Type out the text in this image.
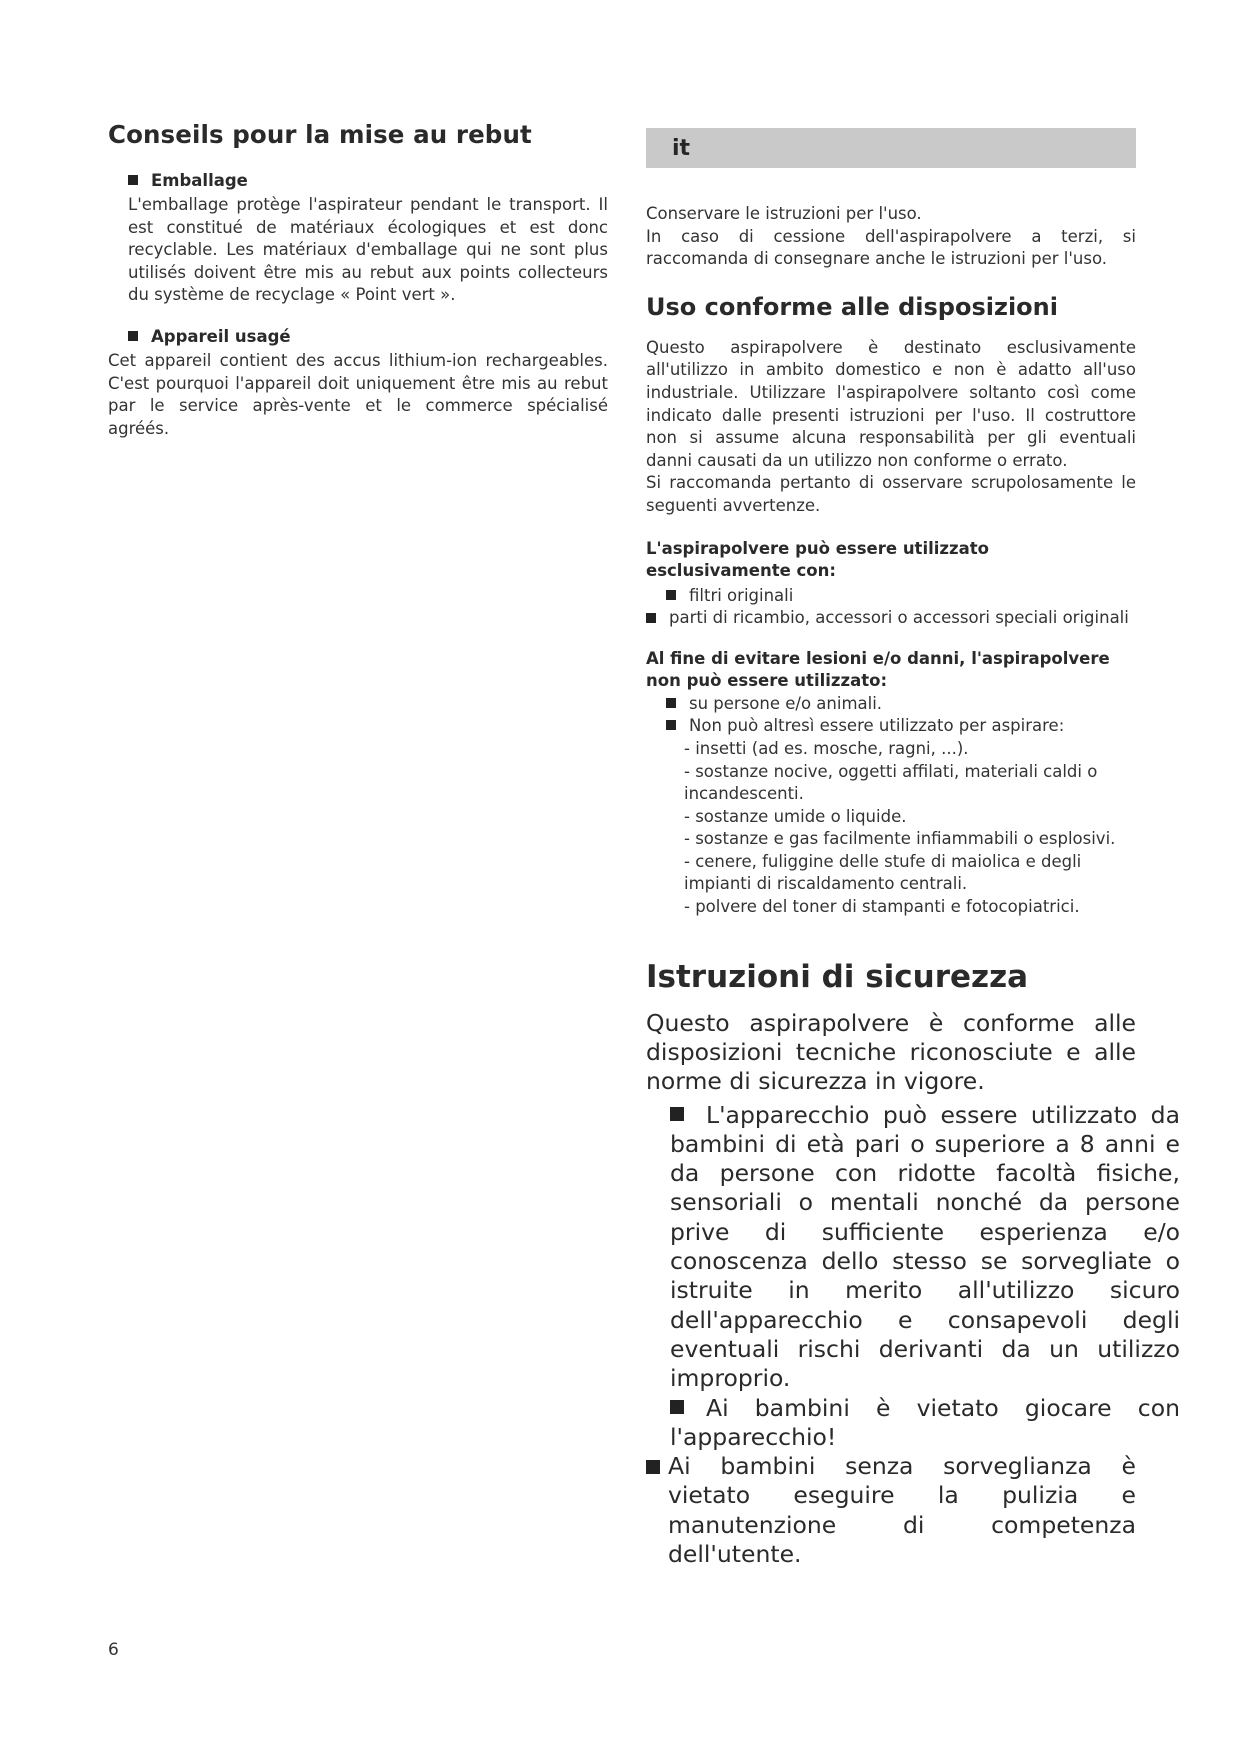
Conseils pour la mise au rebut
Emballage

L'emballage protège l'aspirateur pendant le transport. Il est constitué de matériaux écologiques et est donc recyclable. Les matériaux d'emballage qui ne sont plus utilisés doivent être mis au rebut aux points collecteurs du système de recyclage « Point vert ».

Appareil usagé

Cet appareil contient des accus lithium-ion rechargeables. C'est pourquoi l'appareil doit uniquement être mis au rebut par le service après-vente et le commerce spécialisé agréés.

it

Conservare le istruzioni per l'uso.

In caso di cessione dell'aspirapolvere a terzi, si raccomanda di consegnare anche le istruzioni per l'uso.

Uso conforme alle disposizioni

Questo aspirapolvere è destinato esclusivamente all'utilizzo in ambito domestico e non è adatto all'uso industriale. Utilizzare l'aspirapolvere soltanto così come indicato dalle presenti istruzioni per l'uso. Il costruttore non si assume alcuna responsabilità per gli eventuali danni causati da un utilizzo non conforme o errato.

Si raccomanda pertanto di osservare scrupolosamente le seguenti avvertenze.

L'aspirapolvere può essere utilizzato esclusivamente con:

filtri originali
parti di ricambio, accessori o accessori speciali originali

Al fine di evitare lesioni e/o danni, l'aspirapolvere non può essere utilizzato:

su persone e/o animali.
Non può altresì essere utilizzato per aspirare:
- insetti (ad es. mosche, ragni, ...).
- sostanze nocive, oggetti affilati, materiali caldi o incandescenti.
- sostanze umide o liquide.
- sostanze e gas facilmente infiammabili o esplosivi.
- cenere, fuliggine delle stufe di maiolica e degli impianti di riscaldamento centrali.
- polvere del toner di stampanti e fotocopiatrici.
Istruzioni di sicurezza

Questo aspirapolvere è conforme alle disposizioni tecniche riconosciute e alle norme di sicurezza in vigore.

L'apparecchio può essere utilizzato da bambini di età pari o superiore a 8 anni e da persone con ridotte facoltà fisiche, sensoriali o mentali nonché da persone prive di sufficiente esperienza e/o conoscenza dello stesso se sorvegliate o istruite in merito all'utilizzo sicuro dell'apparecchio e consapevoli degli eventuali rischi derivanti da un utilizzo improprio.

Ai bambini è vietato giocare con l'apparecchio!

Ai bambini senza sorveglianza è vietato eseguire la pulizia e manutenzione di competenza dell'utente.
6
